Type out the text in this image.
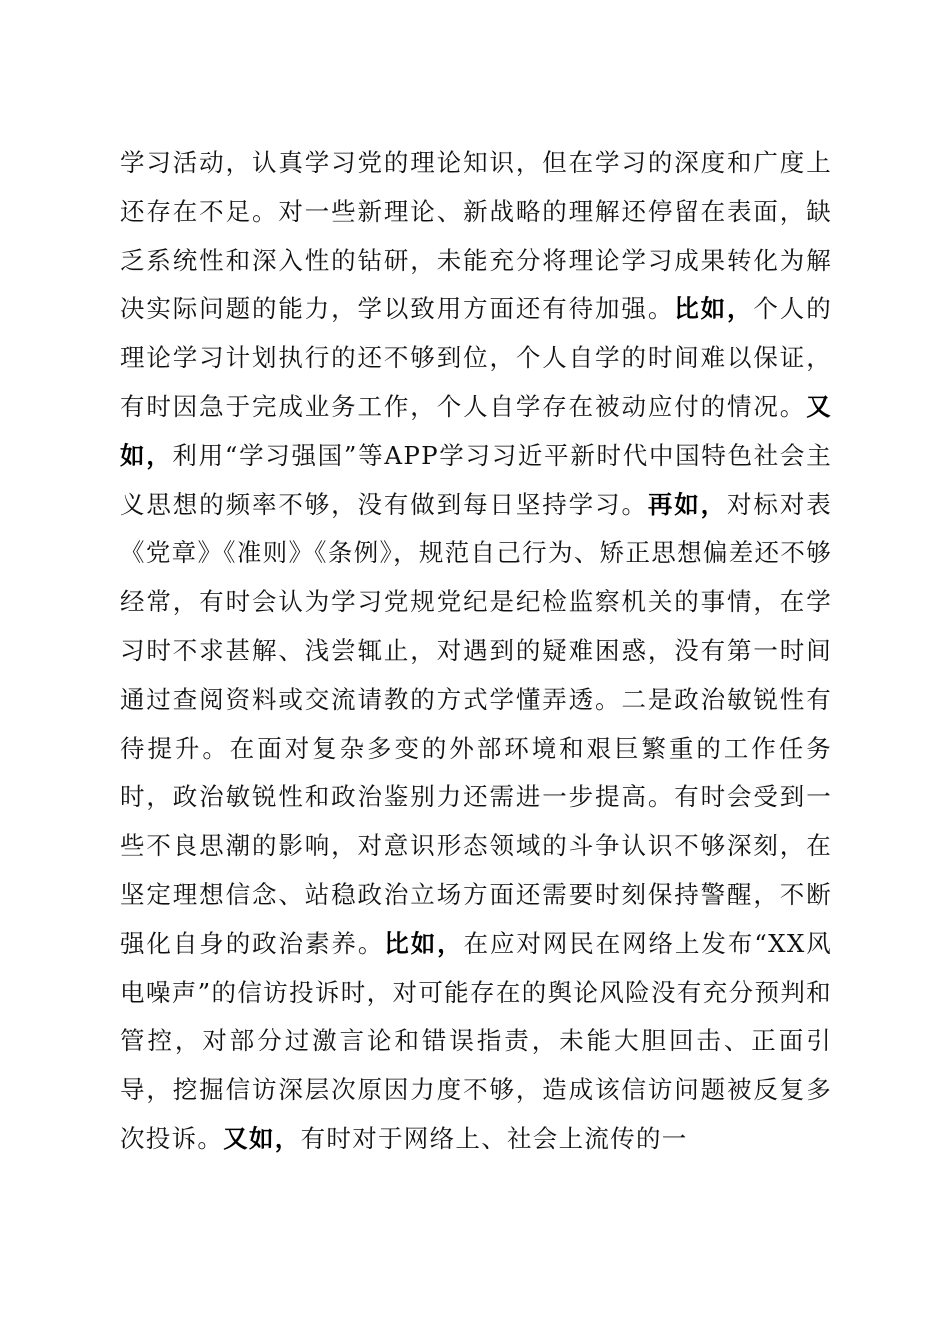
学习活动，认真学习党的理论知识，但在学习的深度和广度上还存在不足。对一些新理论、新战略的理解还停留在表面，缺乏系统性和深入性的钻研，未能充分将理论学习成果转化为解决实际问题的能力，学以致用方面还有待加强。比如，个人的理论学习计划执行的还不够到位，个人自学的时间难以保证，有时因急于完成业务工作，个人自学存在被动应付的情况。又如，利用“学习强国”等APP学习习近平新时代中国特色社会主义思想的频率不够，没有做到每日坚持学习。再如，对标对表《党章》《准则》《条例》，规范自己行为、矫正思想偏差还不够经常，有时会认为学习党规党纪是纪检监察机关的事情，在学习时不求甚解、浅尝辄止，对遇到的疑难困惑，没有第一时间通过查阅资料或交流请教的方式学懂弄透。二是政治敏锐性有待提升。在面对复杂多变的外部环境和艰巨繁重的工作任务时，政治敏锐性和政治鉴别力还需进一步提高。有时会受到一些不良思潮的影响，对意识形态领域的斗争认识不够深刻，在坚定理想信念、站稳政治立场方面还需要时刻保持警醒，不断强化自身的政治素养。比如，在应对网民在网络上发布“XX风电噪声”的信访投诉时，对可能存在的舆论风险没有充分预判和管控，对部分过激言论和错误指责，未能大胆回击、正面引导，挖掘信访深层次原因力度不够，造成该信访问题被反复多次投诉。又如，有时对于网络上、社会上流传的一
